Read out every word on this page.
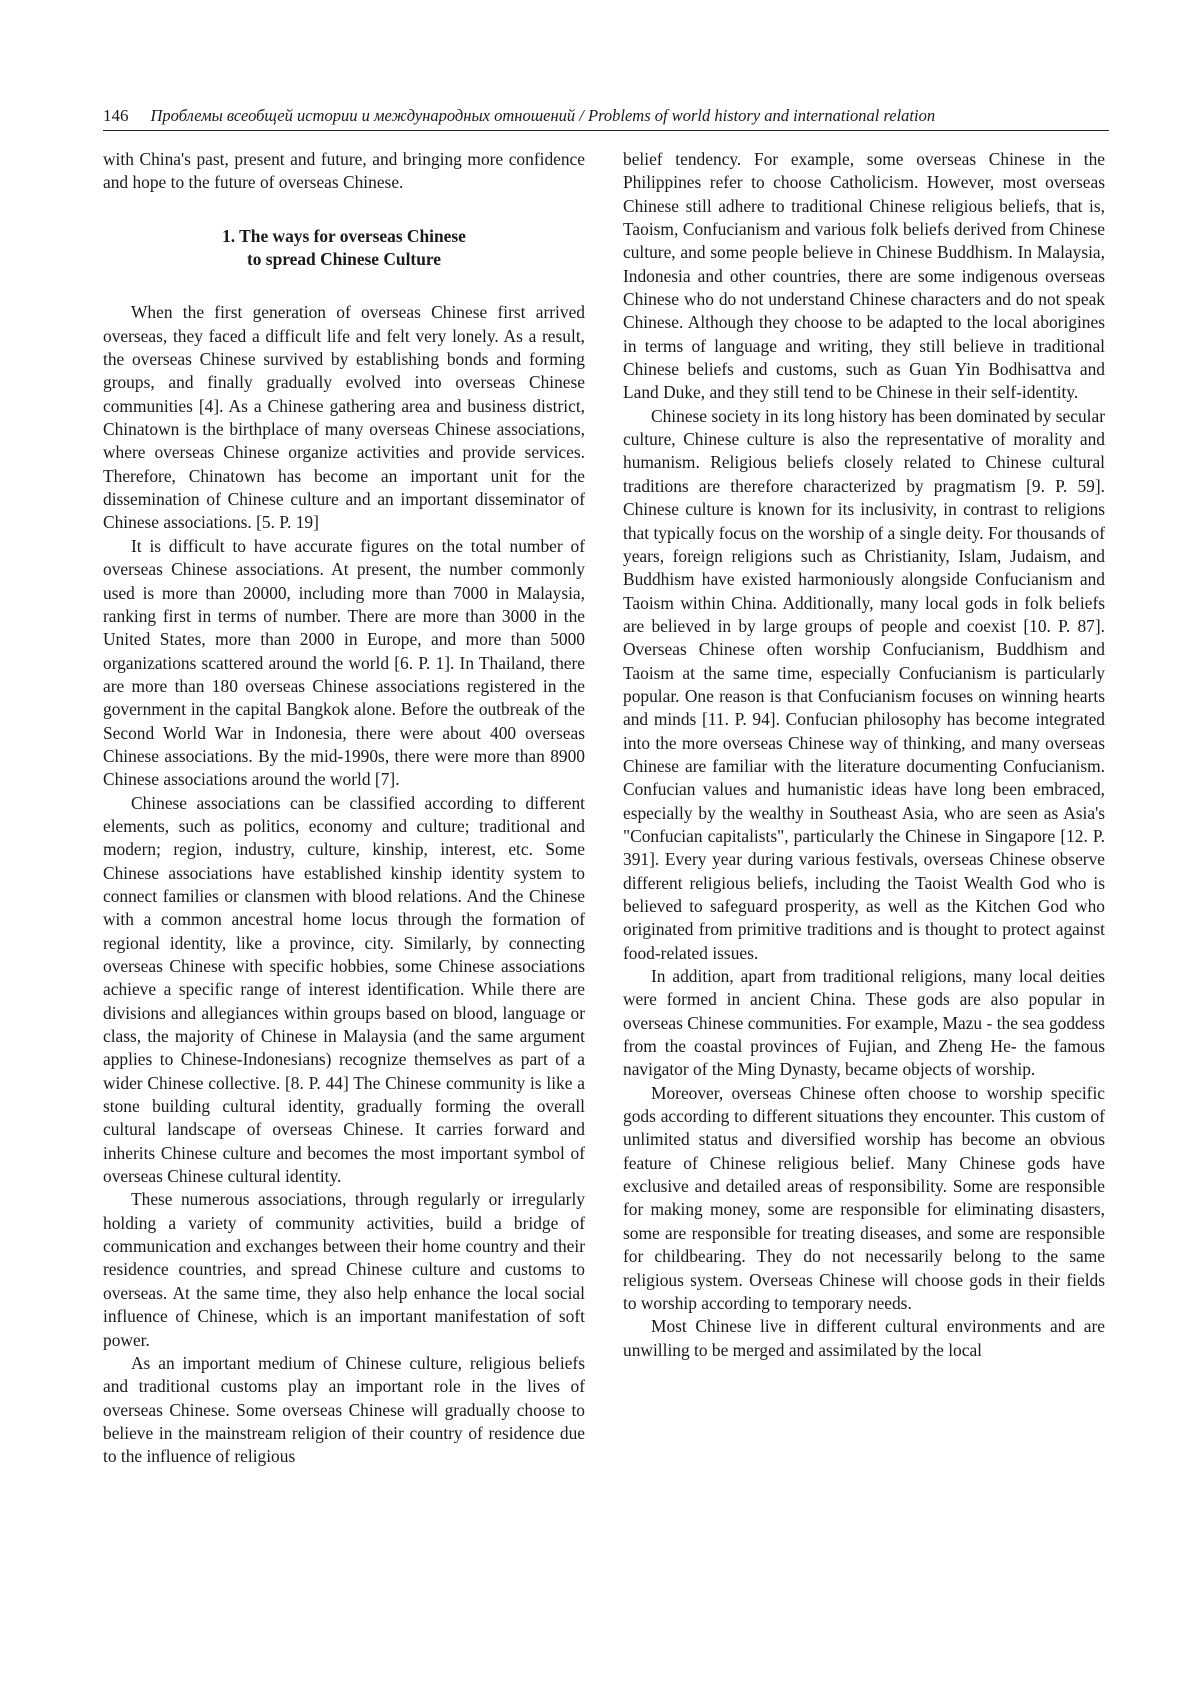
146 Проблемы всеобщей истории и международных отношений / Problems of world history and international relation

with China's past, present and future, and bringing more confidence and hope to the future of overseas Chinese.

1. The ways for overseas Chinese
to spread Chinese Culture

When the first generation of overseas Chinese first arrived overseas, they faced a difficult life and felt very lonely. As a result, the overseas Chinese survived by establishing bonds and forming groups, and finally gradually evolved into overseas Chinese communities [4]. As a Chinese gathering area and business district, Chinatown is the birthplace of many overseas Chinese associations, where overseas Chinese organize activities and provide services. Therefore, Chinatown has become an important unit for the dissemination of Chinese culture and an important disseminator of Chinese associations. [5. P. 19]

It is difficult to have accurate figures on the total number of overseas Chinese associations. At present, the number commonly used is more than 20000, including more than 7000 in Malaysia, ranking first in terms of number. There are more than 3000 in the United States, more than 2000 in Europe, and more than 5000 organizations scattered around the world [6. P. 1]. In Thailand, there are more than 180 overseas Chinese associations registered in the government in the capital Bangkok alone. Before the outbreak of the Second World War in Indonesia, there were about 400 overseas Chinese associations. By the mid-1990s, there were more than 8900 Chinese associations around the world [7].

Chinese associations can be classified according to different elements, such as politics, economy and culture; traditional and modern; region, industry, culture, kinship, interest, etc. Some Chinese associations have established kinship identity system to connect families or clansmen with blood relations. And the Chinese with a common ancestral home locus through the formation of regional identity, like a province, city. Similarly, by connecting overseas Chinese with specific hobbies, some Chinese associations achieve a specific range of interest identification. While there are divisions and allegiances within groups based on blood, language or class, the majority of Chinese in Malaysia (and the same argument applies to Chinese-Indonesians) recognize themselves as part of a wider Chinese collective. [8. P. 44] The Chinese community is like a stone building cultural identity, gradually forming the overall cultural landscape of overseas Chinese. It carries forward and inherits Chinese culture and becomes the most important symbol of overseas Chinese cultural identity.

These numerous associations, through regularly or irregularly holding a variety of community activities, build a bridge of communication and exchanges between their home country and their residence countries, and spread Chinese culture and customs to overseas. At the same time, they also help enhance the local social influence of Chinese, which is an important manifestation of soft power.

As an important medium of Chinese culture, religious beliefs and traditional customs play an important role in the lives of overseas Chinese. Some overseas Chinese will gradually choose to believe in the mainstream religion of their country of residence due to the influence of religious

belief tendency. For example, some overseas Chinese in the Philippines refer to choose Catholicism. However, most overseas Chinese still adhere to traditional Chinese religious beliefs, that is, Taoism, Confucianism and various folk beliefs derived from Chinese culture, and some people believe in Chinese Buddhism. In Malaysia, Indonesia and other countries, there are some indigenous overseas Chinese who do not understand Chinese characters and do not speak Chinese. Although they choose to be adapted to the local aborigines in terms of language and writing, they still believe in traditional Chinese beliefs and customs, such as Guan Yin Bodhisattva and Land Duke, and they still tend to be Chinese in their self-identity.

Chinese society in its long history has been dominated by secular culture, Chinese culture is also the representative of morality and humanism. Religious beliefs closely related to Chinese cultural traditions are therefore characterized by pragmatism [9. P. 59]. Chinese culture is known for its inclusivity, in contrast to religions that typically focus on the worship of a single deity. For thousands of years, foreign religions such as Christianity, Islam, Judaism, and Buddhism have existed harmoniously alongside Confucianism and Taoism within China. Additionally, many local gods in folk beliefs are believed in by large groups of people and coexist [10. P. 87]. Overseas Chinese often worship Confucianism, Buddhism and Taoism at the same time, especially Confucianism is particularly popular. One reason is that Confucianism focuses on winning hearts and minds [11. P. 94]. Confucian philosophy has become integrated into the more overseas Chinese way of thinking, and many overseas Chinese are familiar with the literature documenting Confucianism. Confucian values and humanistic ideas have long been embraced, especially by the wealthy in Southeast Asia, who are seen as Asia's "Confucian capitalists", particularly the Chinese in Singapore [12. P. 391]. Every year during various festivals, overseas Chinese observe different religious beliefs, including the Taoist Wealth God who is believed to safeguard prosperity, as well as the Kitchen God who originated from primitive traditions and is thought to protect against food-related issues.

In addition, apart from traditional religions, many local deities were formed in ancient China. These gods are also popular in overseas Chinese communities. For example, Mazu - the sea goddess from the coastal provinces of Fujian, and Zheng He- the famous navigator of the Ming Dynasty, became objects of worship.

Moreover, overseas Chinese often choose to worship specific gods according to different situations they encounter. This custom of unlimited status and diversified worship has become an obvious feature of Chinese religious belief. Many Chinese gods have exclusive and detailed areas of responsibility. Some are responsible for making money, some are responsible for eliminating disasters, some are responsible for treating diseases, and some are responsible for childbearing. They do not necessarily belong to the same religious system. Overseas Chinese will choose gods in their fields to worship according to temporary needs.

Most Chinese live in different cultural environments and are unwilling to be merged and assimilated by the local
